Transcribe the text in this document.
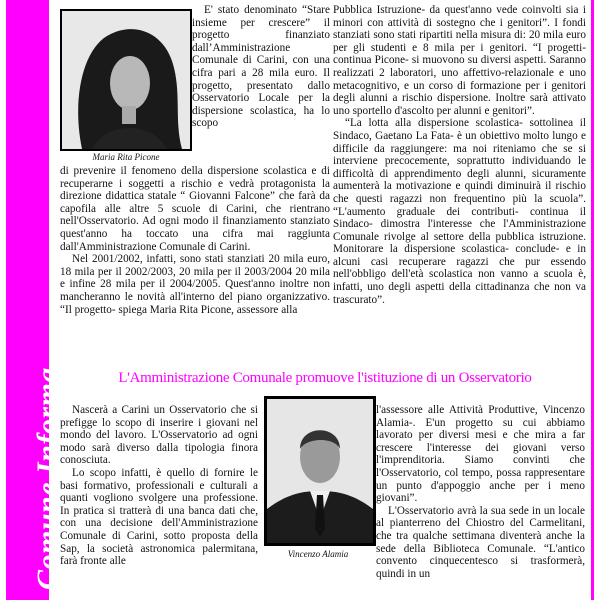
Comune Informa
Maria Rita Picone

E' stato denominato “Stare insieme per crescere” il progetto finanziato dall’Amministrazione Comunale di Carini, con una cifra pari a 28 mila euro. Il progetto, presentato dallo Osservatorio Locale per la dispersione scolastica, ha lo scopo

di prevenire il fenomeno della dispersione scolastica e di recuperarne i soggetti a rischio e vedrà protagonista la direzione didattica statale “ Giovanni Falcone” che farà da capofila alle altre 5 scuole di Carini, che rientrano nell'Osservatorio. Ad ogni modo il finanziamento stanziato quest'anno ha toccato una cifra mai raggiunta dall'Amministrazione Comunale di Carini.

Nel 2001/2002, infatti, sono stati stanziati 20 mila euro, 18 mila per il 2002/2003, 20 mila per il 2003/2004 20 mila e infine 28 mila per il 2004/2005. Quest'anno inoltre non mancheranno le novità all'interno del piano organizzativo. “Il progetto- spiega Maria Rita Picone, assessore alla

Pubblica Istruzione- da quest'anno vede coinvolti sia i minori con attività di sostegno che i genitori”. I fondi stanziati sono stati ripartiti nella misura di: 20 mila euro per gli studenti e 8 mila per i genitori. “I progetti- continua Picone- si muovono su diversi aspetti. Saranno realizzati 2 laboratori, uno affettivo-relazionale e uno metacognitivo, e un corso di formazione per i genitori degli alunni a rischio dispersione. Inoltre sarà attivato uno sportello d'ascolto per alunni e genitori”.

“La lotta alla dispersione scolastica- sottolinea il Sindaco, Gaetano La Fata- è un obiettivo molto lungo e difficile da raggiungere: ma noi riteniamo che se si interviene precocemente, soprattutto individuando le difficoltà di apprendimento degli alunni, sicuramente aumenterà la motivazione e quindi diminuirà il rischio che questi ragazzi non frequentino più la scuola”. “L'aumento graduale dei contributi- continua il Sindaco- dimostra l'interesse che l'Amministrazione Comunale rivolge al settore della pubblica istruzione. Monitorare la dispersione scolastica- conclude- e in alcuni casi recuperare ragazzi che pur essendo nell'obbligo dell'età scolastica non vanno a scuola è, infatti, uno degli aspetti della cittadinanza che non va trascurato”.

L'Amministrazione Comunale promuove l'istituzione di un Osservatorio
Vincenzo Alamia

Nascerà a Carini un Osservatorio che si prefigge lo scopo di inserire i giovani nel mondo del lavoro. L'Osservatorio ad ogni modo sarà diverso dalla tipologia finora conosciuta.

Lo scopo infatti, è quello di fornire le basi formativo, professionali e culturali a quanti vogliono svolgere una professione. In pratica si tratterà di una banca dati che, con una decisione dell'Amministrazione Comunale di Carini, sotto proposta della Sap, la società astronomica palermitana, farà fronte alle

l'assessore alle Attività Produttive, Vincenzo Alamia-. E'un progetto su cui abbiamo lavorato per diversi mesi e che mira a far crescere l'interesse dei giovani verso l'imprenditoria. Siamo convinti che l'Osservatorio, col tempo, possa rappresentare un punto d'appoggio anche per i meno giovani”.

L'Osservatorio avrà la sua sede in un locale al pianterreno del Chiostro del Carmelitani, che tra qualche settimana diventerà anche la sede della Biblioteca Comunale. “L'antico convento cinquecentesco si trasformerà, quindi in un
